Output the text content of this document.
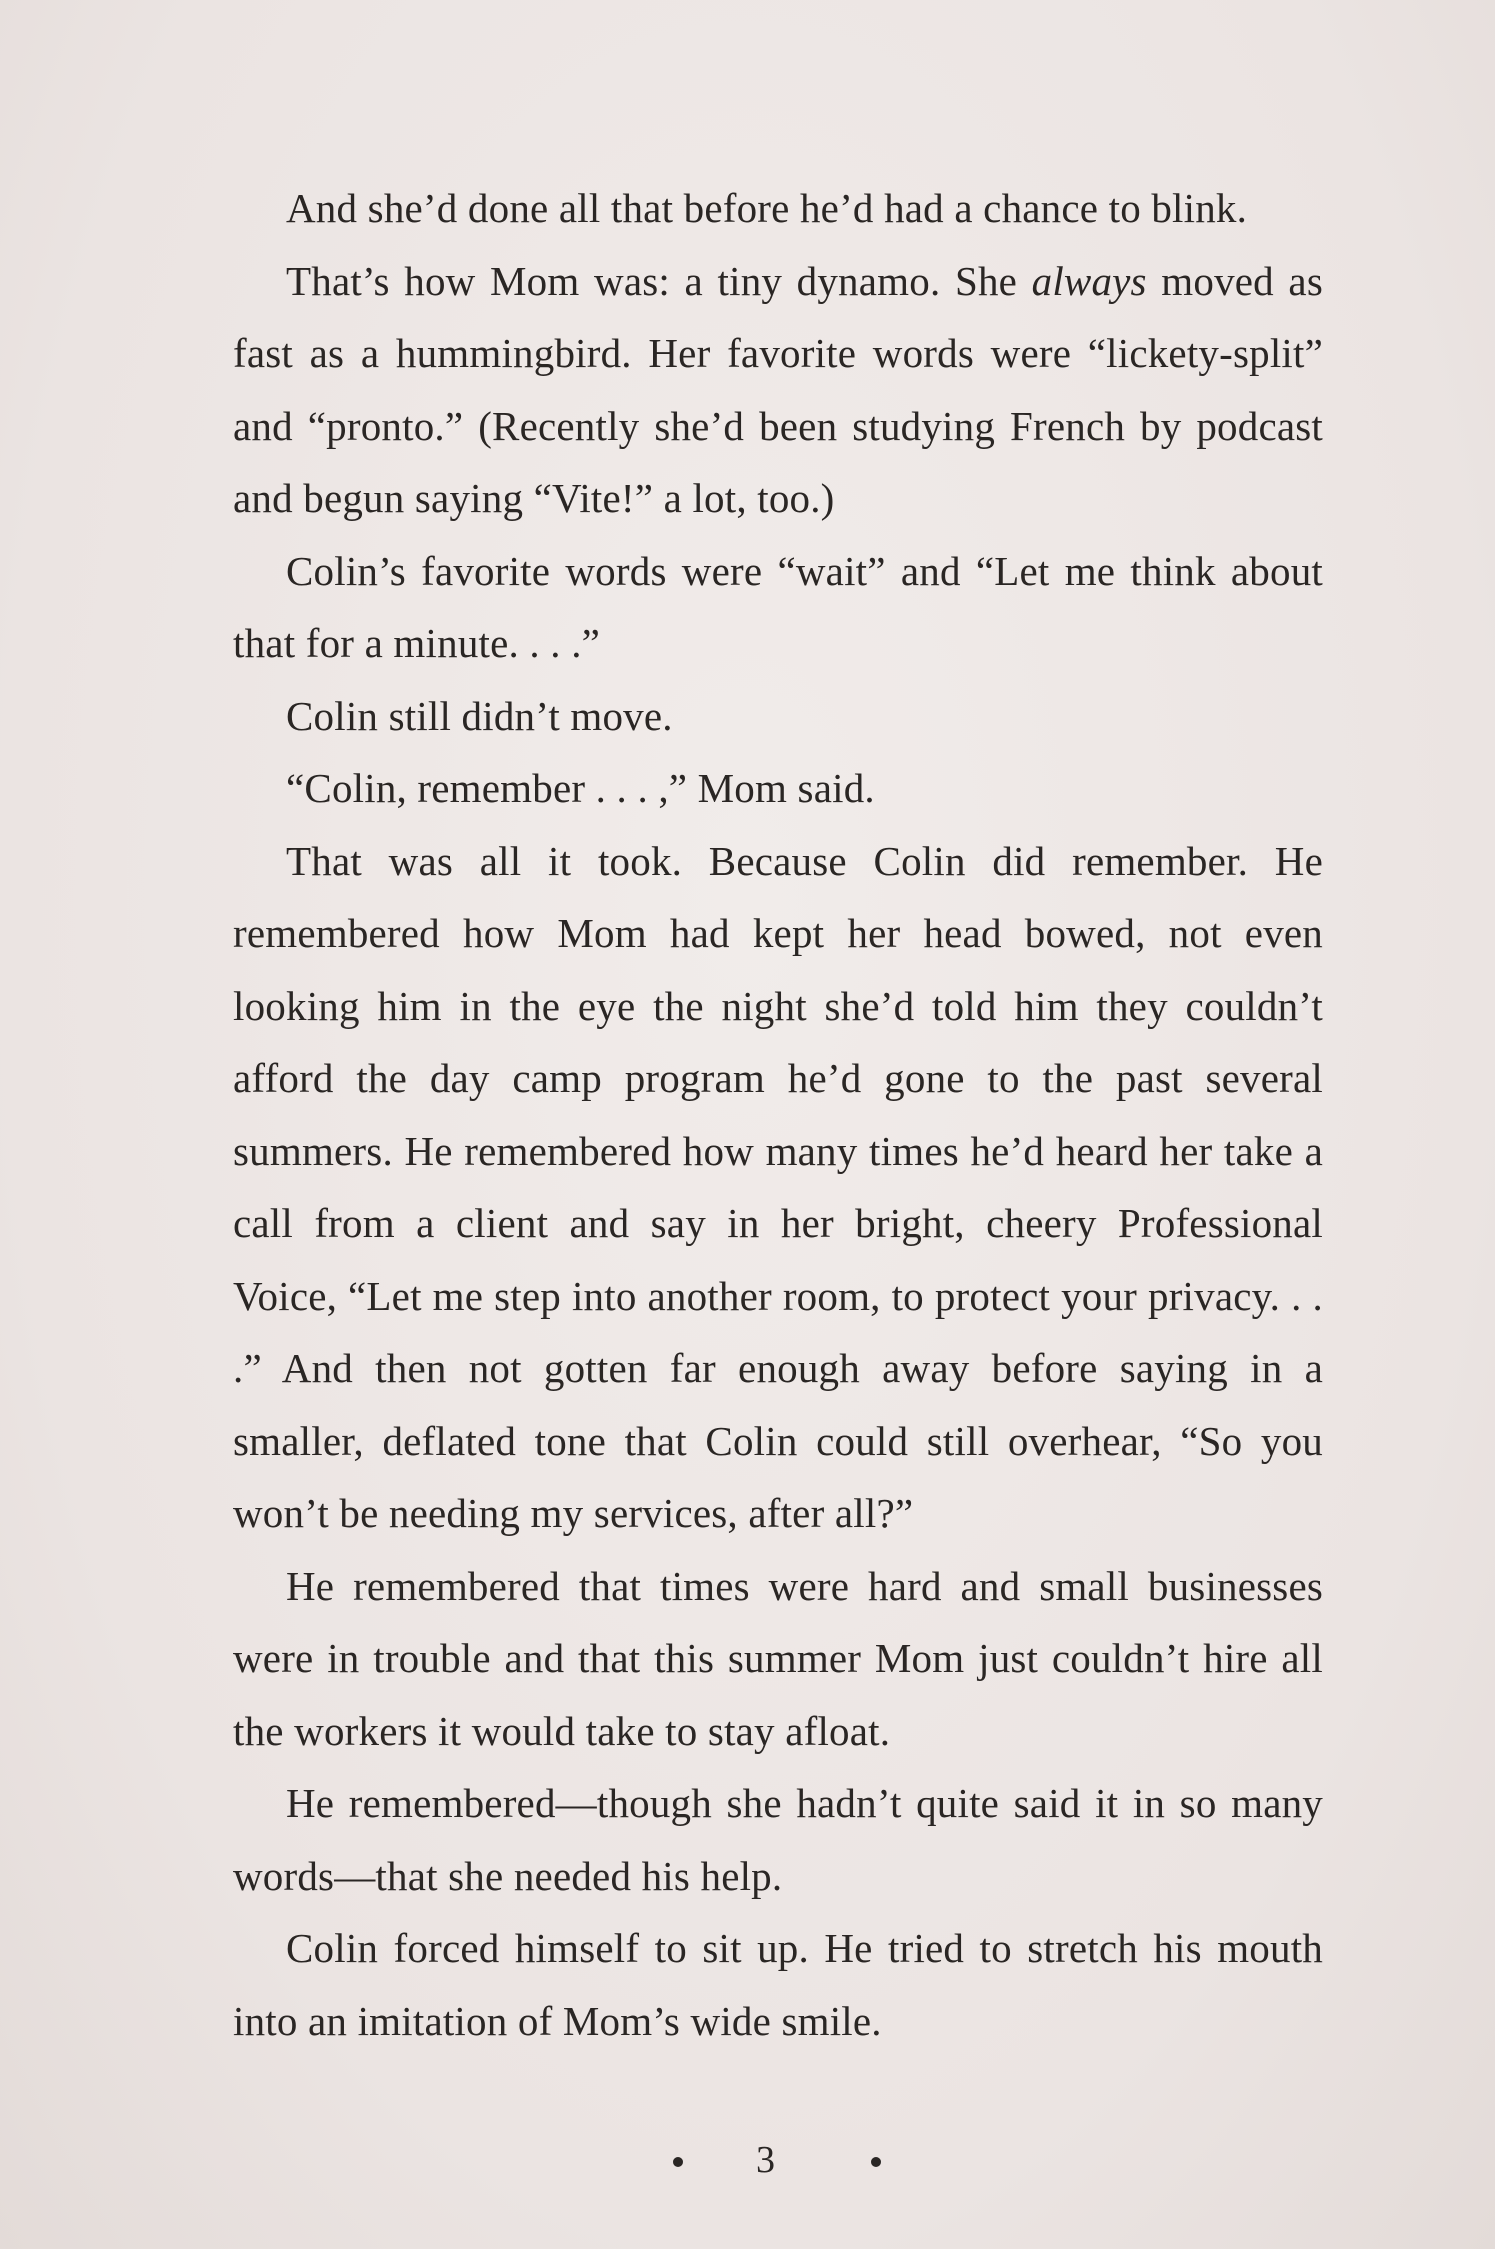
And she’d done all that before he’d had a chance to blink.

That’s how Mom was: a tiny dynamo. She always moved as fast as a hummingbird. Her favorite words were “lickety-split” and “pronto.” (Recently she’d been studying French by podcast and begun saying “Vite!” a lot, too.)

Colin’s favorite words were “wait” and “Let me think about that for a minute. . . .”

Colin still didn’t move.

“Colin, remember . . . ,” Mom said.

That was all it took. Because Colin did remember. He remembered how Mom had kept her head bowed, not even looking him in the eye the night she’d told him they couldn’t afford the day camp program he’d gone to the past several summers. He remembered how many times he’d heard her take a call from a client and say in her bright, cheery Professional Voice, “Let me step into another room, to protect your privacy. . . .” And then not gotten far enough away before saying in a smaller, deflated tone that Colin could still overhear, “So you won’t be needing my services, after all?”

He remembered that times were hard and small businesses were in trouble and that this summer Mom just couldn’t hire all the workers it would take to stay afloat.

He remembered—though she hadn’t quite said it in so many words—that she needed his help.

Colin forced himself to sit up. He tried to stretch his mouth into an imitation of Mom’s wide smile.

3
